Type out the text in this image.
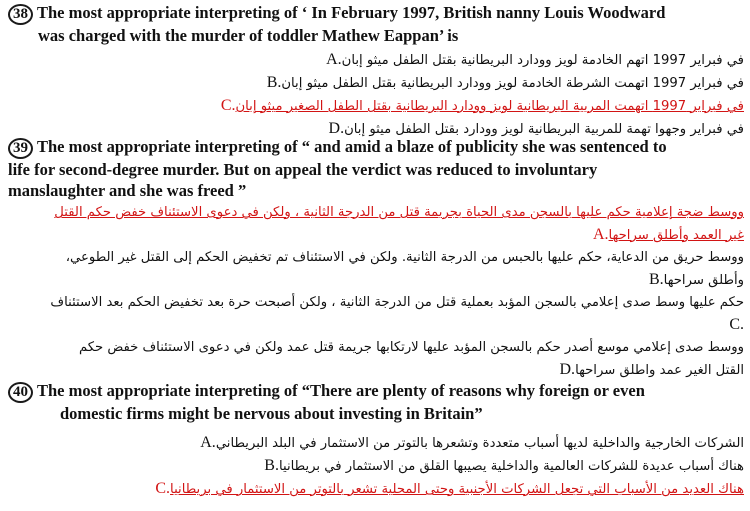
38 The most appropriate interpreting of ‘ In February 1997, British nanny Louis Woodward
was charged with the murder of toddler Mathew Eappan’ is
في فبراير 1997 اتهم الخادمة لويز وودارد البريطانية بقتل الطفل ميثو إبانA.
في فبراير 1997 اتهمت الشرطة الخادمة لويز وودارد البريطانية بقتل الطفل ميثو إبانB.
في فبراير 1997 اتهمت المربية البريطانية لويز وودارد البريطانية بقتل الطفل الصغير ميثو إبانC.
في فبراير وجهوا تهمة للمربية البريطانية لويز وودارد بقتل الطفل ميثو إبانD.
39 The most appropriate interpreting of “ and amid a blaze of publicity she was sentenced to
life for second-degree murder. But on appeal the verdict was reduced to involuntary
manslaughter and she was freed ”
ووسط ضجة إعلامية حكم عليها بالسجن مدى الحياة بجريمة قتل من الدرجة الثانية ، ولكن في دعوى الاستئناف خفض حكم القتل غير العمد وأطلق سراحهاA.
ووسط حريق من الدعاية، حكم عليها بالحبس من الدرجة الثانية. ولكن في الاستئناف تم تخفيض الحكم إلى القتل غير الطوعي، وأطلق سراحهاB.
حكم عليها وسط صدى إعلامي بالسجن المؤبد بعملية قتل من الدرجة الثانية ، ولكن أصبحت حرة بعد تخفيض الحكم بعد الاستئنافC.
ووسط صدى إعلامي موسع أصدر حكم بالسجن المؤبد عليها لارتكابها جريمة قتل عمد ولكن في دعوى الاستئناف خفض حكم القتل الغير عمد واطلق سراحهاD.
40 The most appropriate interpreting of “There are plenty of reasons why foreign or even
domestic firms might be nervous about investing in Britain”
الشركات الخارجية والداخلية لديها أسباب متعددة وتشعرها بالتوتر من الاستثمار في البلد البريطانيA.
هناك أسباب عديدة للشركات العالمية والداخلية يصيبها القلق من الاستثمار في بريطانياB.
هناك العديد من الأسباب التي تجعل الشركات الأجنبية وحتى المحلية تشعر بالتوتر من الاستثمار في بريطانياC.
